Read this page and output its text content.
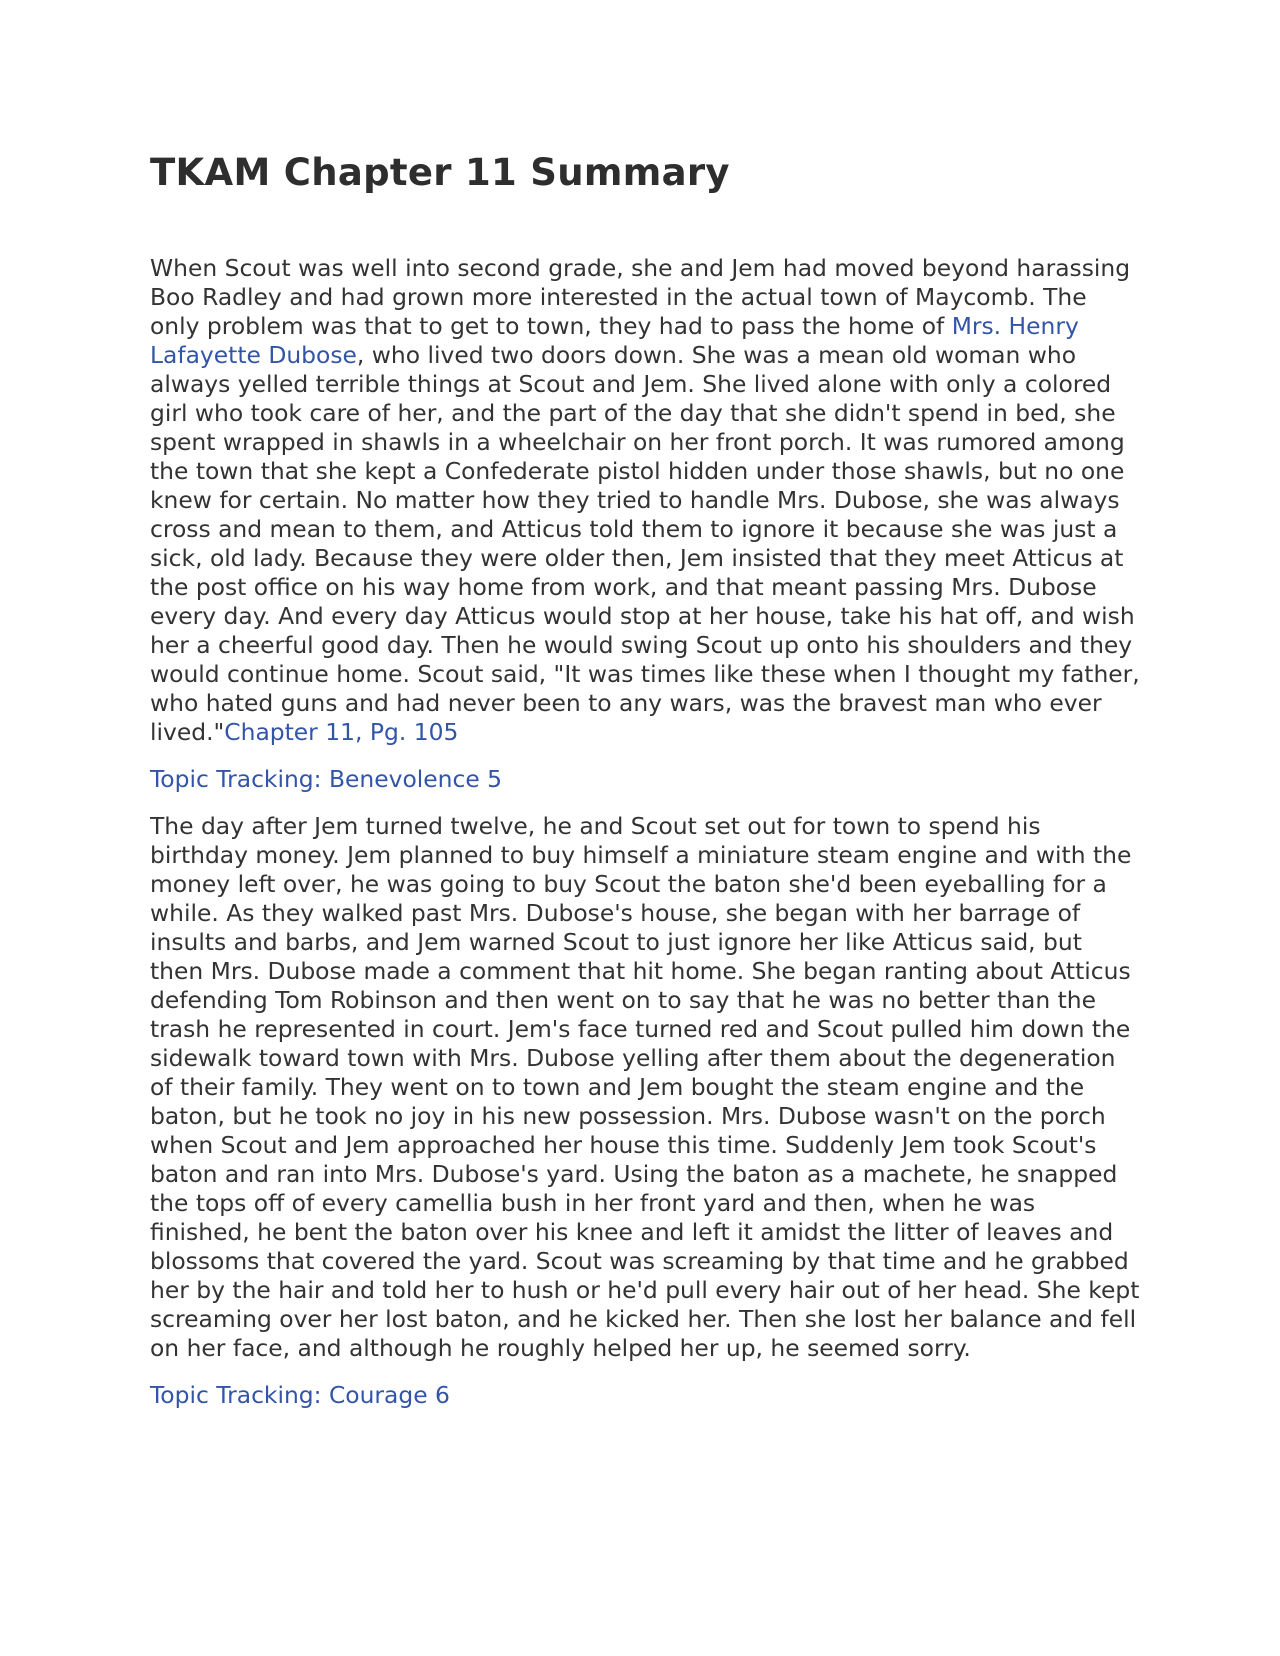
TKAM Chapter 11 Summary

When Scout was well into second grade, she and Jem had moved beyond harassing Boo Radley and had grown more interested in the actual town of Maycomb. The only problem was that to get to town, they had to pass the home of Mrs. Henry Lafayette Dubose, who lived two doors down. She was a mean old woman who always yelled terrible things at Scout and Jem. She lived alone with only a colored girl who took care of her, and the part of the day that she didn't spend in bed, she spent wrapped in shawls in a wheelchair on her front porch. It was rumored among the town that she kept a Confederate pistol hidden under those shawls, but no one knew for certain. No matter how they tried to handle Mrs. Dubose, she was always cross and mean to them, and Atticus told them to ignore it because she was just a sick, old lady. Because they were older then, Jem insisted that they meet Atticus at the post office on his way home from work, and that meant passing Mrs. Dubose every day. And every day Atticus would stop at her house, take his hat off, and wish her a cheerful good day. Then he would swing Scout up onto his shoulders and they would continue home. Scout said, "It was times like these when I thought my father, who hated guns and had never been to any wars, was the bravest man who ever lived."Chapter 11, Pg. 105

Topic Tracking: Benevolence 5

The day after Jem turned twelve, he and Scout set out for town to spend his birthday money. Jem planned to buy himself a miniature steam engine and with the money left over, he was going to buy Scout the baton she'd been eyeballing for a while. As they walked past Mrs. Dubose's house, she began with her barrage of insults and barbs, and Jem warned Scout to just ignore her like Atticus said, but then Mrs. Dubose made a comment that hit home. She began ranting about Atticus defending Tom Robinson and then went on to say that he was no better than the trash he represented in court. Jem's face turned red and Scout pulled him down the sidewalk toward town with Mrs. Dubose yelling after them about the degeneration of their family. They went on to town and Jem bought the steam engine and the baton, but he took no joy in his new possession. Mrs. Dubose wasn't on the porch when Scout and Jem approached her house this time. Suddenly Jem took Scout's baton and ran into Mrs. Dubose's yard. Using the baton as a machete, he snapped the tops off of every camellia bush in her front yard and then, when he was finished, he bent the baton over his knee and left it amidst the litter of leaves and blossoms that covered the yard. Scout was screaming by that time and he grabbed her by the hair and told her to hush or he'd pull every hair out of her head. She kept screaming over her lost baton, and he kicked her. Then she lost her balance and fell on her face, and although he roughly helped her up, he seemed sorry.

Topic Tracking: Courage 6
